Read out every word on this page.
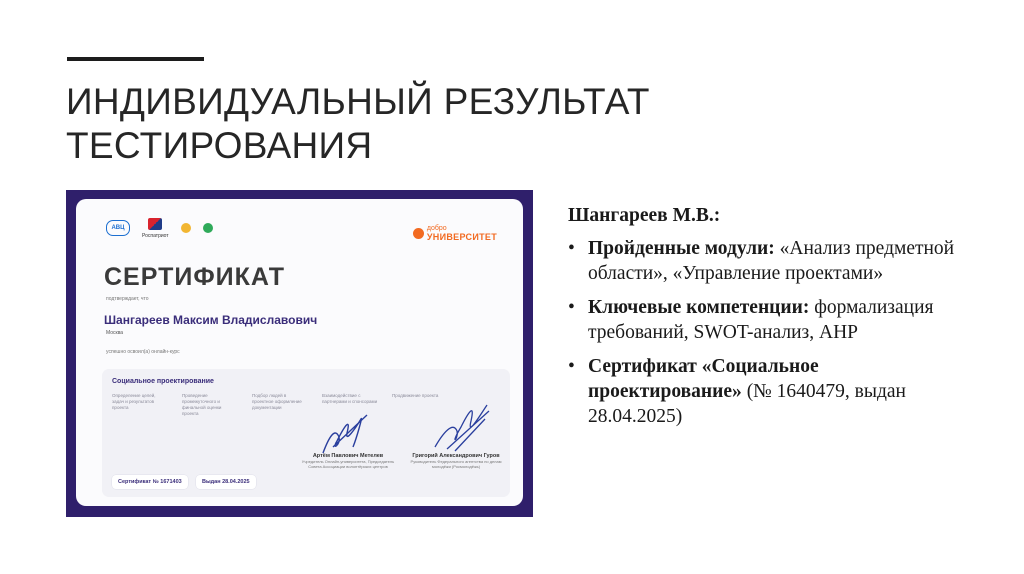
ИНДИВИДУАЛЬНЫЙ РЕЗУЛЬТАТ
ТЕСТИРОВАНИЯ
АВЦ
Роспатриот
добро
УНИВЕРСИТЕТ
СЕРТИФИКАТ
подтверждает, что
Шангареев Максим Владиславович
Москва
успешно освоил(а) онлайн-курс
Социальное проектирование
Определение целей, задач и результатов проекта
Проведение промежуточного и финальной оценки проекта
Подбор людей в проектное оформление документации
Взаимодействие с партнерами и спонсорами
Продвижение проекта
Артём Павлович Метелев
Учредитель Онлайн-университета, Председатель Совета Ассоциации волонтёрских центров
Григорий Александрович Гуров
Руководитель Федерального агентства по делам молодёжи (Росмолодёжь)
Сертификат № 1671403	Выдан 28.04.2025
Шангареев М.В.:
• Пройденные модули: «Анализ предметной области», «Управление проектами»
• Ключевые компетенции: формализация требований, SWOT-анализ, AHP
• Сертификат «Социальное проектирование» (№ 1640479, выдан 28.04.2025)
